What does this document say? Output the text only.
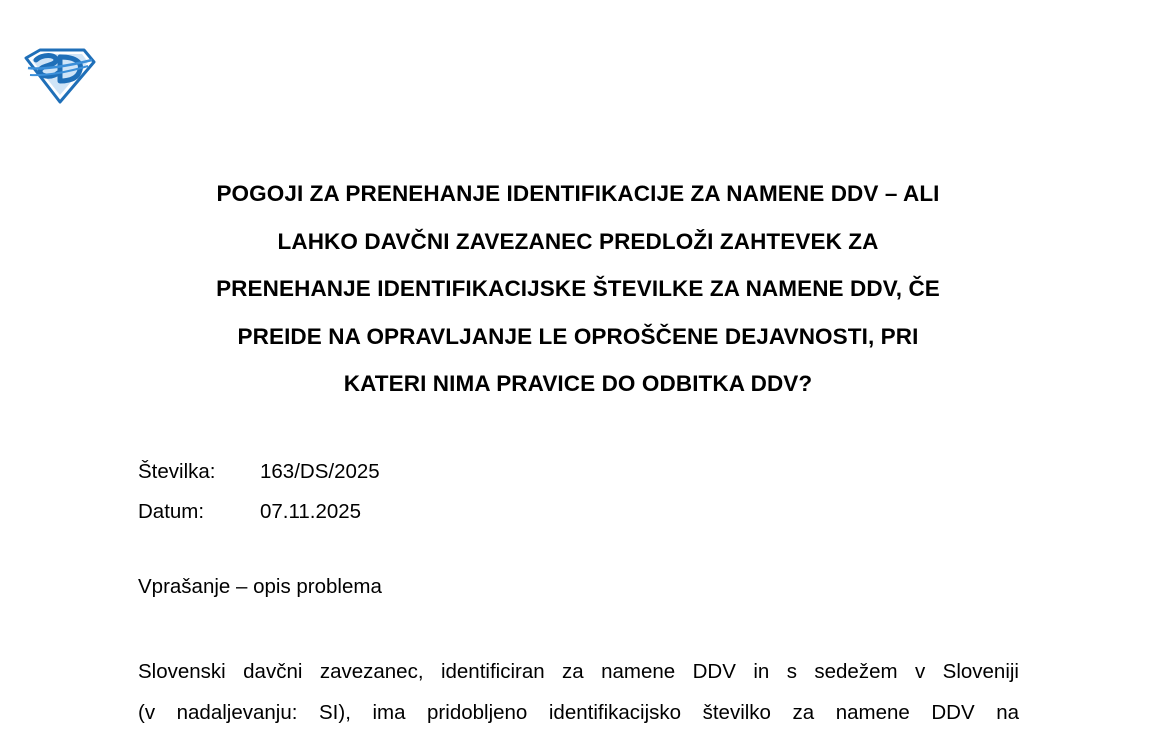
POGOJI ZA PRENEHANJE IDENTIFIKACIJE ZA NAMENE DDV – ALI
LAHKO DAVČNI ZAVEZANEC PREDLOŽI ZAHTEVEK ZA
PRENEHANJE IDENTIFIKACIJSKE ŠTEVILKE ZA NAMENE DDV, ČE
PREIDE NA OPRAVLJANJE LE OPROŠČENE DEJAVNOSTI, PRI
KATERI NIMA PRAVICE DO ODBITKA DDV?
Številka: 163/DS/2025
Datum:	07.11.2025
Vprašanje – opis problema
Slovenski davčni zavezanec, identificiran za namene DDV in s sedežem v Sloveniji
(v nadaljevanju: SI), ima pridobljeno identifikacijsko številko za namene DDV na
